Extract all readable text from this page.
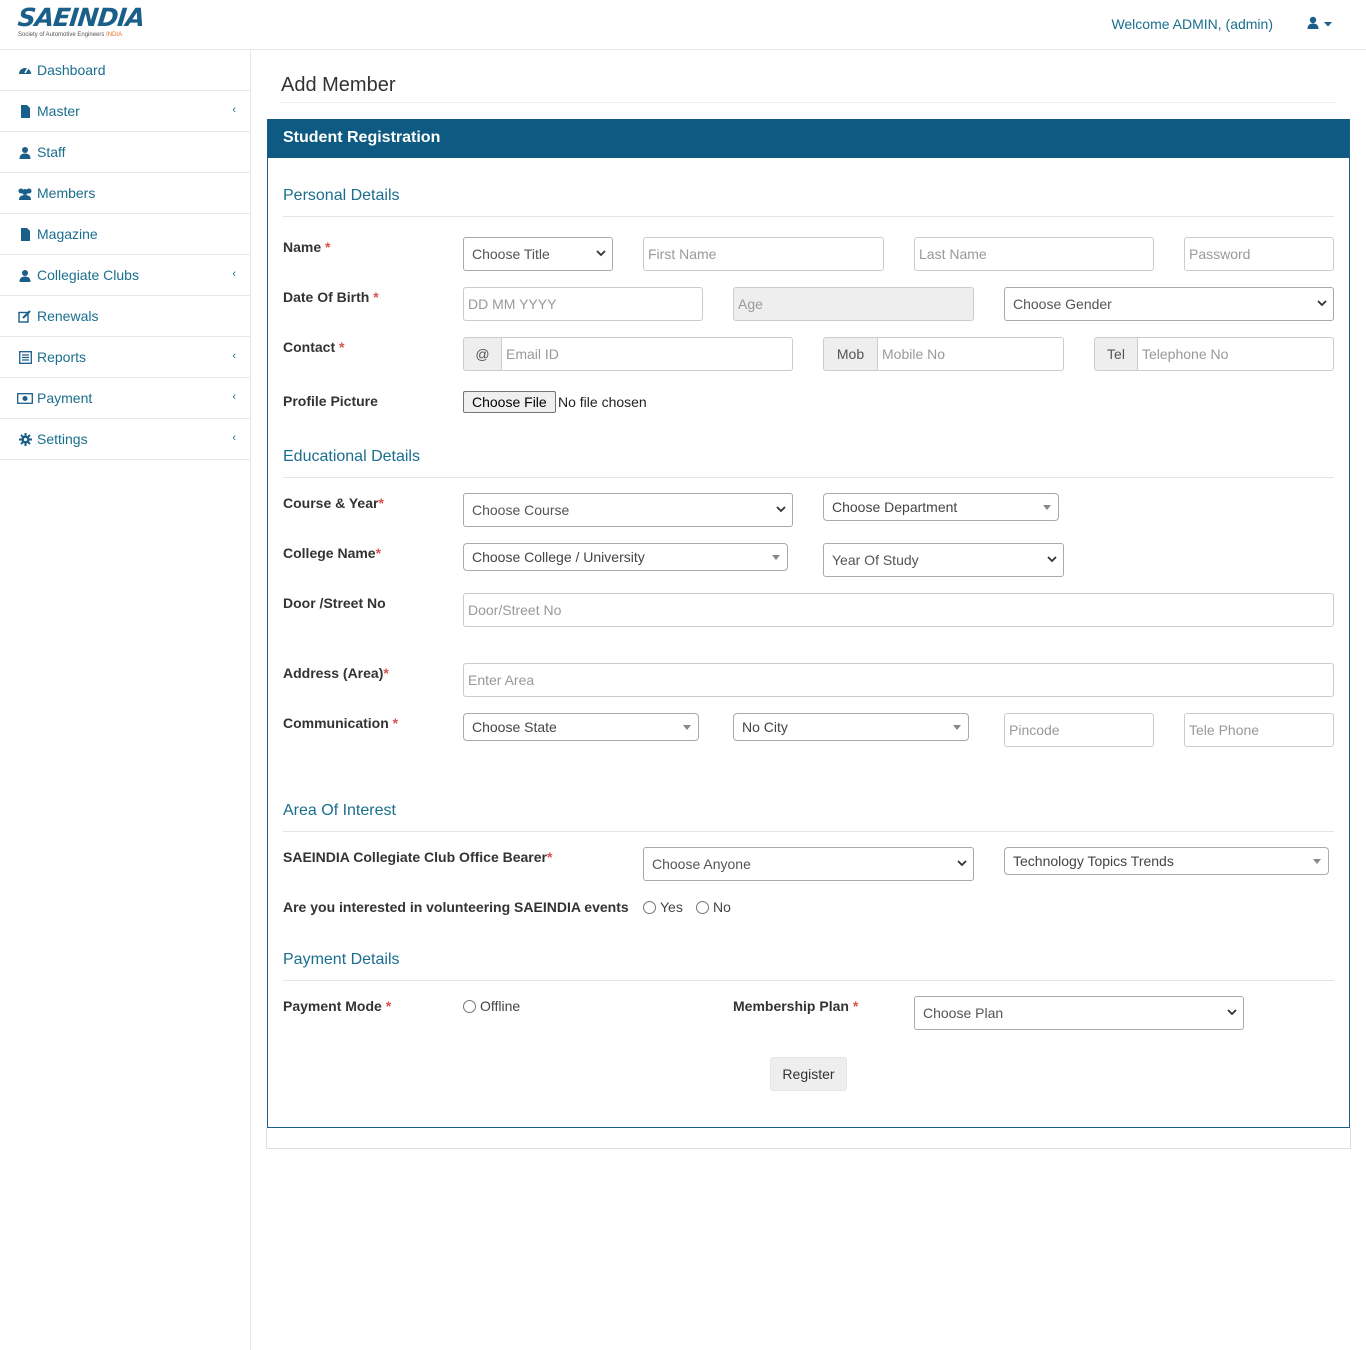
SAEINDIA
Society of Automotive Engineers INDIA
Welcome ADMIN, (admin)
Dashboard
Master	‹
Staff
Members
Magazine
Collegiate Clubs	‹
Renewals
Reports	‹
Payment	‹
Settings	‹
Add Member
Student Registration
Personal Details
Name *	Choose Title	First Name	Last Name	Password
Date Of Birth *	DD MM YYYY	Age	Choose Gender
Contact *	@	Email ID	Mob	Mobile No	Tel	Telephone No
Profile Picture	Choose File No file chosen
Educational Details
Course & Year*	Choose Course	Choose Department
College Name*	Choose College / University	Year Of Study
Door /Street No	Door/Street No
Address (Area)*	Enter Area
Communication *	Choose State	No City	Pincode	Tele Phone
Area Of Interest
SAEINDIA Collegiate Club Office Bearer*	Choose Anyone	Technology Topics Trends
Are you interested in volunteering SAEINDIA events Yes No
Payment Details
Payment Mode *	Offline	Membership Plan *	Choose Plan
Register
